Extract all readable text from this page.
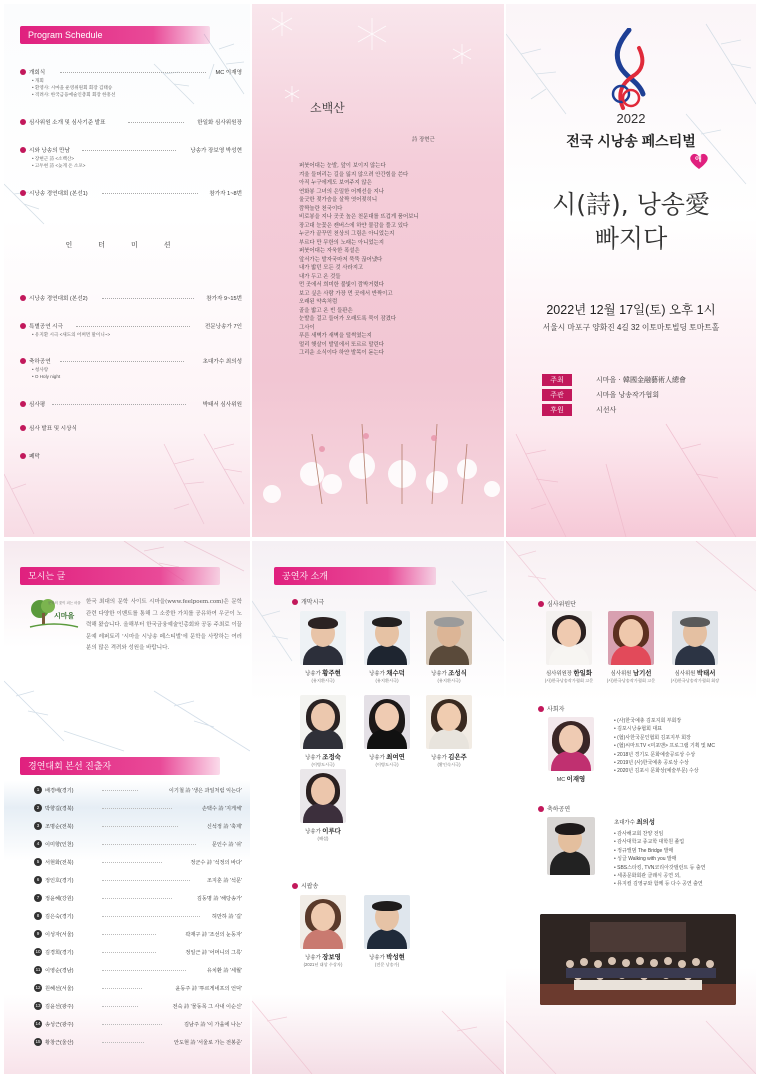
Program Schedule
개회식	MC 이재영
• 개회
• 환영사: 시마을 운영위원회 회장 김태승
• 격려사: 한국금융예술인총회 회장 한흥선
심사위원 소개 및 심사기준 발표	한일화 심사위원장
시와 낭송의 만남	낭송가 장보영 박성현
• 장현근 詩 <소백산>
• 고두현 詩 <늦게 온 소포>
시낭송 경연대회 (본선1)	참가자 1~8번
인터미션
시낭송 경연대회 (본선2)	참가자 9~15번
특별공연 시극	전문낭송가 7인
• 유지환 시극 <새도의 어쩌면 말이니~>
축하공연	초대가수 최의성
• 청사랑
• O Holy night
심사평	박태서 심사위원
심사 발표 및 시상식
폐막
소백산
詩 장현근
퍼붓어대는 눈발, 앞이 보이지 않는다
겨울 들머리는 길을 잃지 않으려 안간힘을 쓴다
아직 누구에게도 보여주지 않은
연화봉 그녀의 은밀한 어깨선을 지나
울긋한 젖가슴을 살짝 엿어젖히니
깜짝놀란 천국이다
비로봉을 지나 곳곳 높은 천문대를 뜨겁게 품어보니
장고대 눈꽃은 캔버스에 하얀 물감을 풀고 있다
누군가 끝꾸민 천상의 그림은 아니었는지
부르다 만 무한의 노래는 아니었는지
퍼붓어대는 자욱한 폭설은
앞서가는 발자국마저 뚝뚝 끊어냈다
내가 밟던 모든 것 사라지고
내가 두고 온 것들
먼 곳에서 희미한 불빛이 깜박거렸다
보고 싶은 사람 가장 먼 곳에서 반짝이고
오래된 약속처럼
골을 밟고 온 빈 들판은
눈발을 걸고 들어가 오래도록 묵이 잠겼다
그사이
푸른 새벽가 새벽을 털썩였는지
멀리 햇살이 발밑에서 또르르 말린다
그리운 소식이다 하얀 발목이 돋는다
2022
전국 시낭송 페스티벌
애
시(詩), 낭송愛
빠지다
2022년 12월 17일(토) 오후 1시
서울시 마포구 양화진 4길 32 이토마토빌딩 토마트홀
주최	시마을 · 韓國金融藝術人總會
주관	시마을 낭송작가협회
후원	시선사
모시는 글
시마을
문학의 꽃이 피는 마을 한국 최대의 문학 사이트 시마을(www.feelpoem.com)은 문학관련 다양한 이벤트를 통해 그 소중한 가치를 공유하여 우군이 노력해 왔습니다. 올해부터 한국금융예술인총회와 공동 주최로 이끌 문예 레퍼토리 '시마을 시낭송 페스티벌'에 문학을 사랑하는 여러분의 많은 격려와 성원을 바랍니다.
경연대회 본선 진출자
1	배경배(경기)	이기철 詩 '생은 과일처럼 익는다'
2	박향길(경북)	손택수 詩 '지게체'
3	조명순(전북)	신석정 詩 '축제'
4	이미향(인천)	문인수 詩 '쉬'
5	서현화(전북)	정군수 詩 '석정의 바다'
6	정인호(경기)	조지훈 詩 '석문'
7	정윤혜(강원)	김동명 詩 '해당송가'
8	김은숙(경기)	허만하 詩 '길'
9	이성자(서울)	곽재구 詩 '조선의 눈동자'
10 김경희(경기)	정일근 詩 '어머니의 그륵'
11 이영순(경남)	유치환 詩 '세월'
12 원혜선(서울)	윤동주 詩 '투르게네프의 언덕'
13 김윤선(광주)	전숙 詩 '물동목 그 사내 이순신'
14 송성근(광주)	김남주 詩 '이 가을에 나는'
15 황창근(울산)	안도현 詩 '서울로 가는 전봉준'
공연자 소개
개막시극
낭송가 황주현
(유지환시극)
낭송가 채수덕
(유지환시극)
낭송가 조성식
(유지환시극)
낭송가 조정숙
(이병도시극)
낭송가 최여연
(이병도시극)
낭송가 김은주
(황인숙시극)
낭송가 이루다
(해설)
시팝송
낭송가 장보영
(2021년 대상 수상자)
낭송가 박성현
(전문 낭송가)
심사위원단
심사위원장 한일화
(사)한국낭송작가협회 고문
심사위원 남기선
(사)한국낭송작가협회 고문
심사위원 박태서
(사)한국낭송작가협회 회장
사회자
MC 이재영
• (사)한국예총 김포지회 부회장
• 김포시낭송협회 대표
• (협)사한국문인협회 김포지부 회장
• (협)씨마트TV <미포맨> 프로그램 기획 및 MC
• 2018년 경기도 문화예술공로상 수상
• 2019년 (사)한국예총 공로상 수상
• 2020년 김포시 문화상(예술부문) 수상
축하공연
초대가수 최의성
• 감사해교회 찬양 전임
• 감사대학교 종교학 대학원 졸업
• 정규앨범 The Bridge 발매
• 싱글 Walking with you 발매
• SBS스타킹, TVN코리아갓탤런트 등 출연
• 세종문화회관 클래식 공연 외,
• 뮤지컬 김영규와 함께 등 다수 공연 출연
